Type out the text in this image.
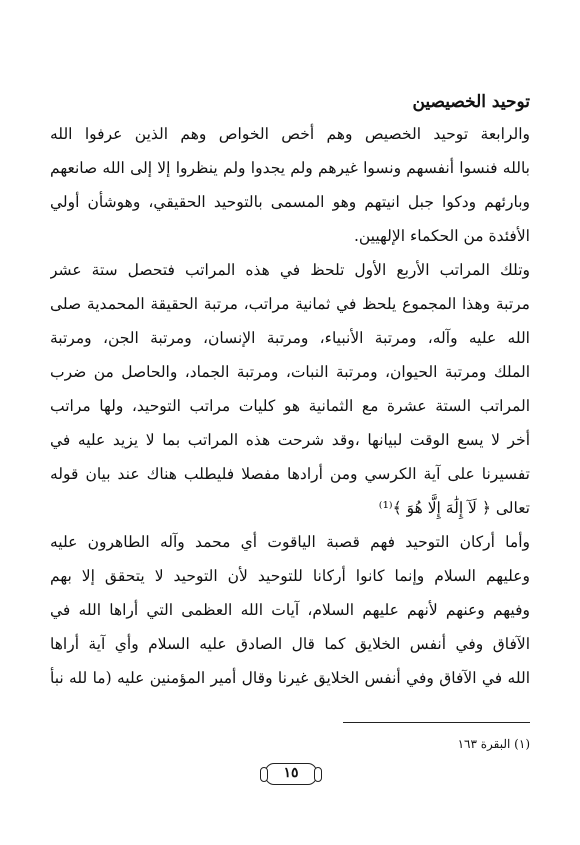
توحيد الخصيصين
والرابعة توحيد الخصيص وهم أخص الخواص وهم الذين عرفوا الله
بالله فنسوا أنفسهم ونسوا غيرهم ولم يجدوا ولم ينظروا إلا إلى الله صانعهم
وبارئهم ودكوا جبل انيتهم وهو المسمى بالتوحيد الحقيقي، وهوشأن أولي
الأفئدة من الحكماء الإلهيين.
وتلك المراتب الأربع الأول تلحظ في هذه المراتب فتحصل ستة عشر
مرتبة وهذا المجموع يلحظ في ثمانية مراتب، مرتبة الحقيقة المحمدية صلى
الله عليه وآله، ومرتبة الأنبياء، ومرتبة الإنسان، ومرتبة الجن، ومرتبة
الملك ومرتبة الحيوان، ومرتبة النبات، ومرتبة الجماد، والحاصل من ضرب
المراتب الستة عشرة مع الثمانية هو كليات مراتب التوحيد، ولها مراتب
أخر لا يسع الوقت لبيانها ،وقد شرحت هذه المراتب بما لا يزيد عليه في
تفسيرنا على آية الكرسي ومن أرادها مفصلا فليطلب هناك عند بيان قوله
تعالى ﴿ لَآ إِلَٰهَ إِلَّا هُوَ ﴾⁽¹⁾
وأما أركان التوحيد فهم قصبة الياقوت أي محمد وآله الطاهرون عليه
وعليهم السلام وإنما كانوا أركانا للتوحيد لأن التوحيد لا يتحقق إلا بهم
وفيهم وعنهم لأنهم عليهم السلام، آيات الله العظمى التي أراها الله في
الآفاق وفي أنفس الخلايق كما قال الصادق عليه السلام وأي آية أراها
الله في الآفاق وفي أنفس الخلايق غيرنا وقال أمير المؤمنين عليه (ما لله نبأ
(١) البقرة ١٦٣
١٥
